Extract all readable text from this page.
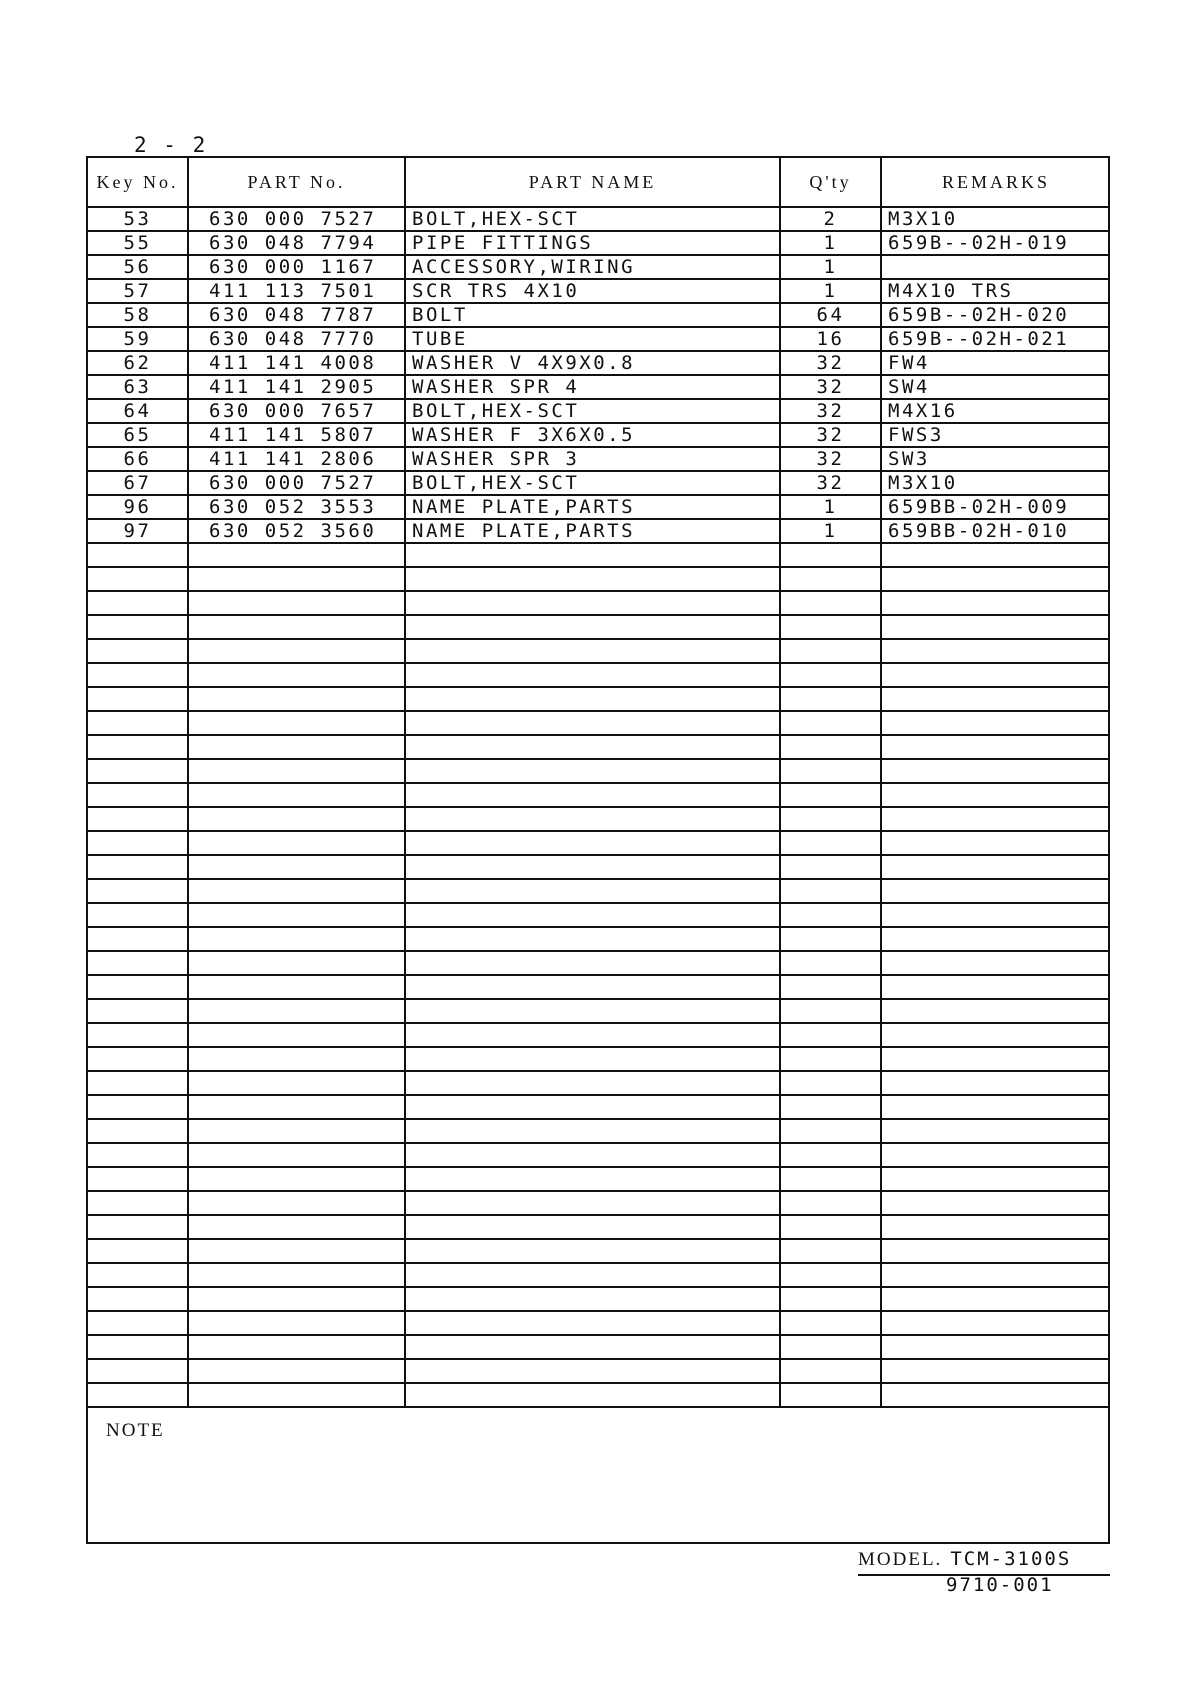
2 - 2
Key No.	PART No.	PART NAME	Q'ty	REMARKS
53	630 000 7527	BOLT,HEX-SCT	2	M3X10
55	630 048 7794	PIPE FITTINGS	1	659B--02H-019
56	630 000 1167	ACCESSORY,WIRING	1	
57	411 113 7501	SCR TRS 4X10	1	M4X10 TRS
58	630 048 7787	BOLT	64	659B--02H-020
59	630 048 7770	TUBE	16	659B--02H-021
62	411 141 4008	WASHER V 4X9X0.8	32	FW4
63	411 141 2905	WASHER SPR 4	32	SW4
64	630 000 7657	BOLT,HEX-SCT	32	M4X16
65	411 141 5807	WASHER F 3X6X0.5	32	FWS3
66	411 141 2806	WASHER SPR 3	32	SW3
67	630 000 7527	BOLT,HEX-SCT	32	M3X10
96	630 052 3553	NAME PLATE,PARTS	1	659BB-02H-009
97	630 052 3560	NAME PLATE,PARTS	1	659BB-02H-010

NOTE
MODEL. TCM-3100S
9710-001
